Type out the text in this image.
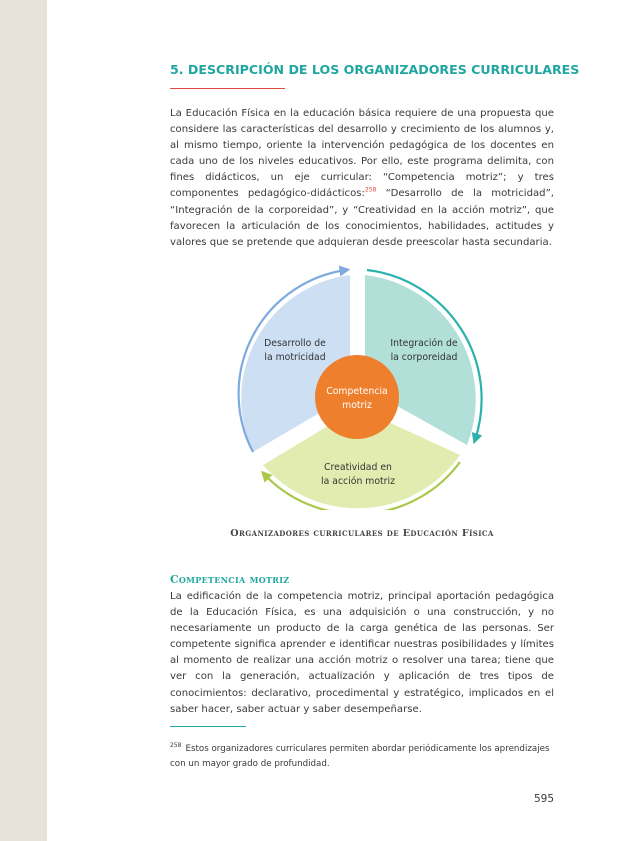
5. DESCRIPCIÓN DE LOS ORGANIZADORES CURRICULARES

La Educación Física en la educación básica requiere de una propuesta que considere las características del desarrollo y crecimiento de los alumnos y, al mismo tiempo, oriente la intervención pedagógica de los docentes en cada uno de los niveles educativos. Por ello, este programa delimita, con fines didácticos, un eje curricular: “Competencia motriz”; y tres componentes pedagógico-didácticos:$^{258}$ “Desarrollo de la motricidad”, “Integración de la corporeidad”, y “Creatividad en la acción motriz”, que favorecen la articulación de los conocimientos, habilidades, actitudes y valores que se pretende que adquieran desde preescolar hasta secundaria.

Desarrollo de
la motricidad
Integración de
la corporeidad
Creatividad en
la acción motriz
Competencia
motriz
Organizadores curriculares de Educación Física
Competencia motriz

La edificación de la competencia motriz, principal aportación pedagógica de la Educación Física, es una adquisición o una construcción, y no necesariamente un producto de la carga genética de las personas. Ser competente significa aprender e identificar nuestras posibilidades y límites al momento de realizar una acción motriz o resolver una tarea; tiene que ver con la generación, actualización y aplicación de tres tipos de conocimientos: declarativo, procedimental y estratégico, implicados en el saber hacer, saber actuar y saber desempeñarse.

$^{258}$ Estos organizadores curriculares permiten abordar periódicamente los aprendizajes con un mayor grado de profundidad.
595
